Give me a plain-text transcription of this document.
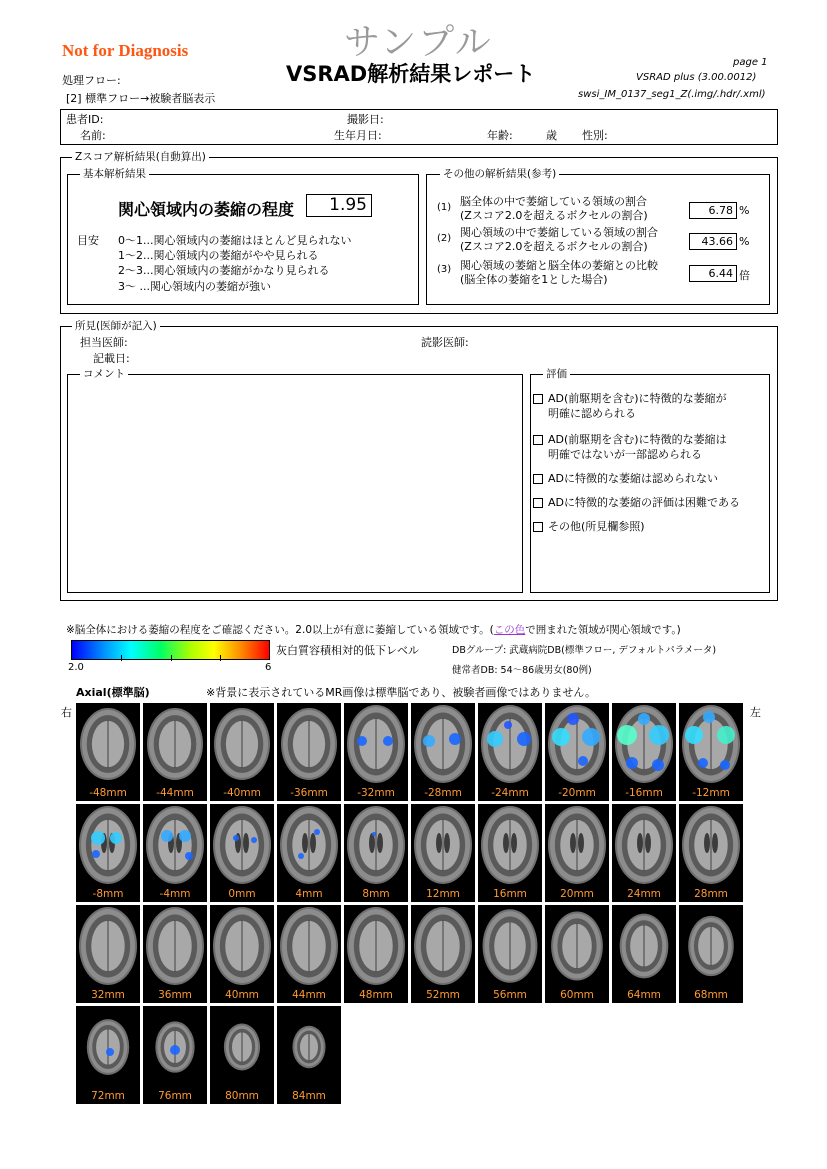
Not for Diagnosis	サンプル
VSRAD解析結果レポート
処理フロー:
[2] 標準フロー→被験者脳表示
page 1
VSRAD plus (3.00.0012)
swsi_IM_0137_seg1_Z(.img/.hdr/.xml)
患者ID:
名前:
撮影日:
生年月日:	年齢:	歳 性別:
Zスコア解析結果(自動算出)
基本解析結果
関心領域内の萎縮の程度	1.95
目安 0～1...関心領域内の萎縮はほとんど見られない
1～2...関心領域内の萎縮がやや見られる
2～3...関心領域内の萎縮がかなり見られる
3～ ...関心領域内の萎縮が強い
その他の解析結果(参考)
(1) 脳全体の中で萎縮している領域の割合
(Zスコア2.0を超えるボクセルの割合)	6.78 %
(2) 関心領域の中で萎縮している領域の割合
(Zスコア2.0を超えるボクセルの割合)	43.66 %
(3) 関心領域の萎縮と脳全体の萎縮との比較
(脳全体の萎縮を1とした場合)	6.44 倍
所見(医師が記入)
担当医師:	読影医師:
記載日:
コメント	評価
AD(前駆期を含む)に特徴的な萎縮が
明確に認められる
AD(前駆期を含む)に特徴的な萎縮は
明確ではないが一部認められる
ADに特徴的な萎縮は認められない
ADに特徴的な萎縮の評価は困難である
その他(所見欄参照)
※脳全体における萎縮の程度をご確認ください。2.0以上が有意に萎縮している領域です。(この色で囲まれた領域が関心領域です。)
2.0	6
灰白質容積相対的低下レベル	DBグループ: 武蔵病院DB(標準フロー, デフォルトパラメータ)
健常者DB: 54～86歳男女(80例)
Axial(標準脳)	※背景に表示されているMR画像は標準脳であり、被験者画像ではありません。
右	左
-48mm	-44mm	-40mm	-36mm	-32mm	-28mm	-24mm	-20mm	-16mm	-12mm
-8mm	-4mm	0mm	4mm	8mm	12mm	16mm	20mm	24mm	28mm
32mm	36mm	40mm	44mm	48mm	52mm	56mm	60mm	64mm	68mm
72mm	76mm	80mm	84mm
